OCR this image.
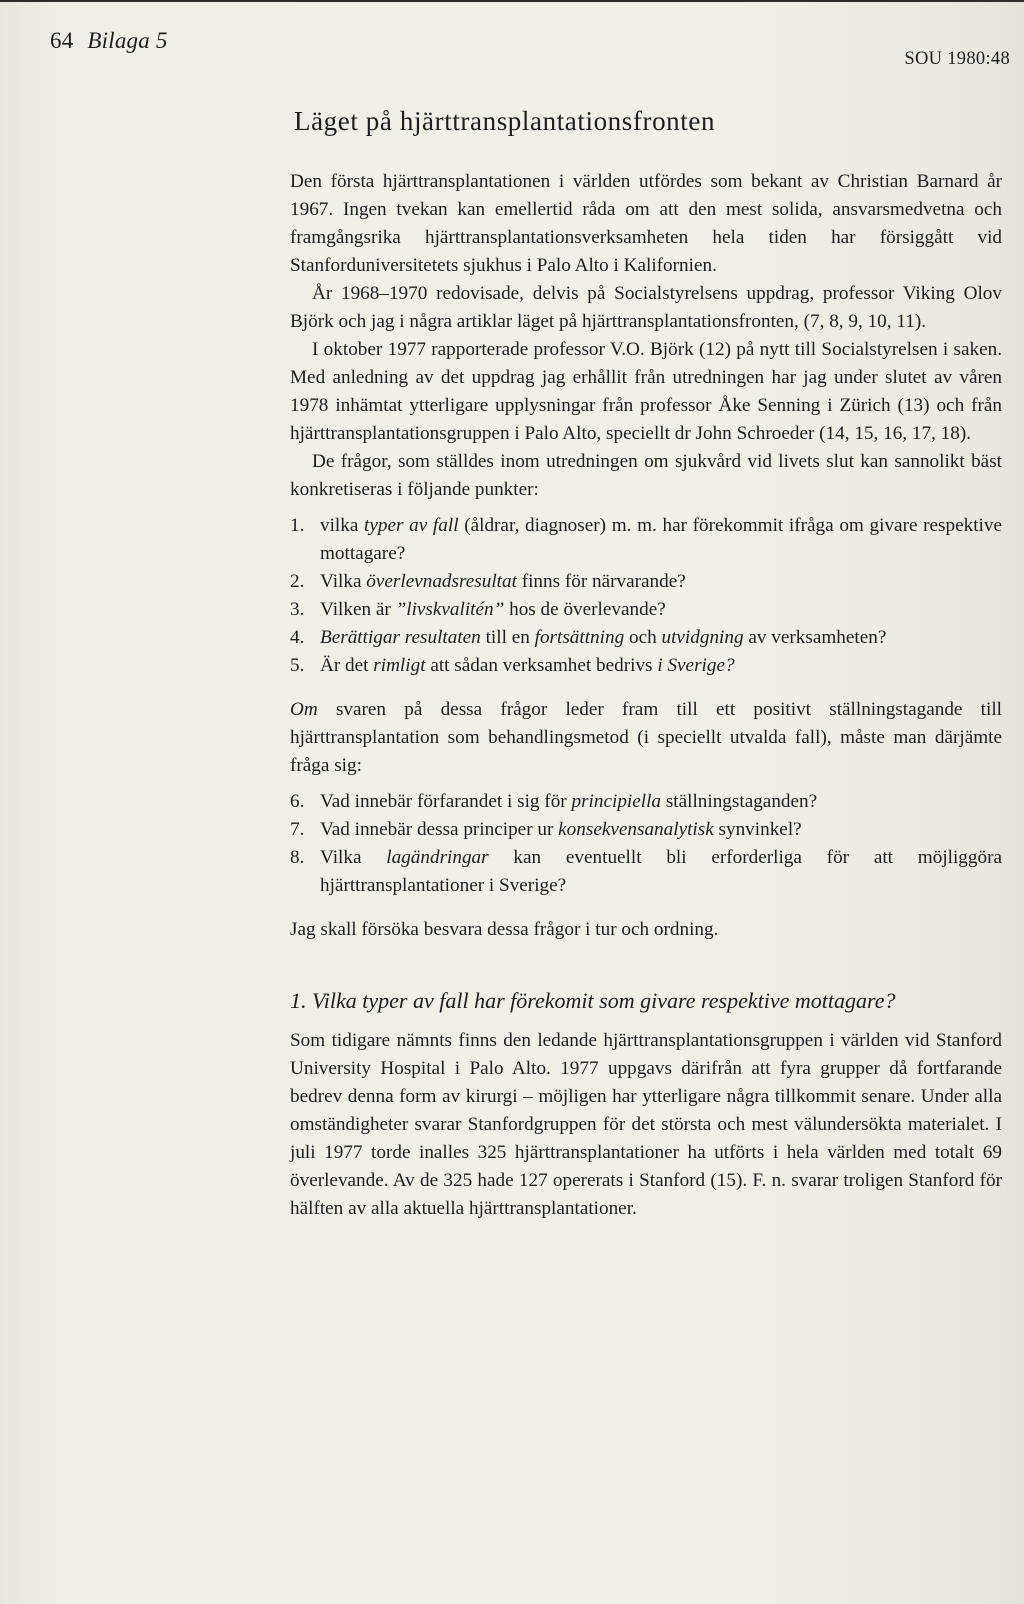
64 Bilaga 5
SOU 1980:48
Läget på hjärttransplantationsfronten

Den första hjärttransplantationen i världen utfördes som bekant av Christian Barnard år 1967. Ingen tvekan kan emellertid råda om att den mest solida, ansvarsmedvetna och framgångsrika hjärttransplantationsverksamheten hela tiden har försiggått vid Stanforduniversitetets sjukhus i Palo Alto i Kalifornien.

År 1968–1970 redovisade, delvis på Socialstyrelsens uppdrag, professor Viking Olov Björk och jag i några artiklar läget på hjärttransplantationsfronten, (7, 8, 9, 10, 11).

I oktober 1977 rapporterade professor V.O. Björk (12) på nytt till Socialstyrelsen i saken. Med anledning av det uppdrag jag erhållit från utredningen har jag under slutet av våren 1978 inhämtat ytterligare upplysningar från professor Åke Senning i Zürich (13) och från hjärttransplantationsgruppen i Palo Alto, speciellt dr John Schroeder (14, 15, 16, 17, 18).

De frågor, som ställdes inom utredningen om sjukvård vid livets slut kan sannolikt bäst konkretiseras i följande punkter:

1. vilka typer av fall (åldrar, diagnoser) m. m. har förekommit ifråga om givare respektive mottagare?
2. Vilka överlevnadsresultat finns för närvarande?
3. Vilken är ”livskvalitén” hos de överlevande?
4. Berättigar resultaten till en fortsättning och utvidgning av verksamheten?
5. Är det rimligt att sådan verksamhet bedrivs i Sverige?

Om svaren på dessa frågor leder fram till ett positivt ställningstagande till hjärttransplantation som behandlingsmetod (i speciellt utvalda fall), måste man därjämte fråga sig:

6. Vad innebär förfarandet i sig för principiella ställningstaganden?
7. Vad innebär dessa principer ur konsekvensanalytisk synvinkel?
8. Vilka lagändringar kan eventuellt bli erforderliga för att möjliggöra hjärttransplantationer i Sverige?

Jag skall försöka besvara dessa frågor i tur och ordning.

1. Vilka typer av fall har förekomit som givare respektive mottagare?

Som tidigare nämnts finns den ledande hjärttransplantationsgruppen i världen vid Stanford University Hospital i Palo Alto. 1977 uppgavs därifrån att fyra grupper då fortfarande bedrev denna form av kirurgi – möjligen har ytterligare några tillkommit senare. Under alla omständigheter svarar Stanfordgruppen för det största och mest välundersökta materialet. I juli 1977 torde inalles 325 hjärttransplantationer ha utförts i hela världen med totalt 69 överlevande. Av de 325 hade 127 opererats i Stanford (15). F. n. svarar troligen Stanford för hälften av alla aktuella hjärttransplantationer.
